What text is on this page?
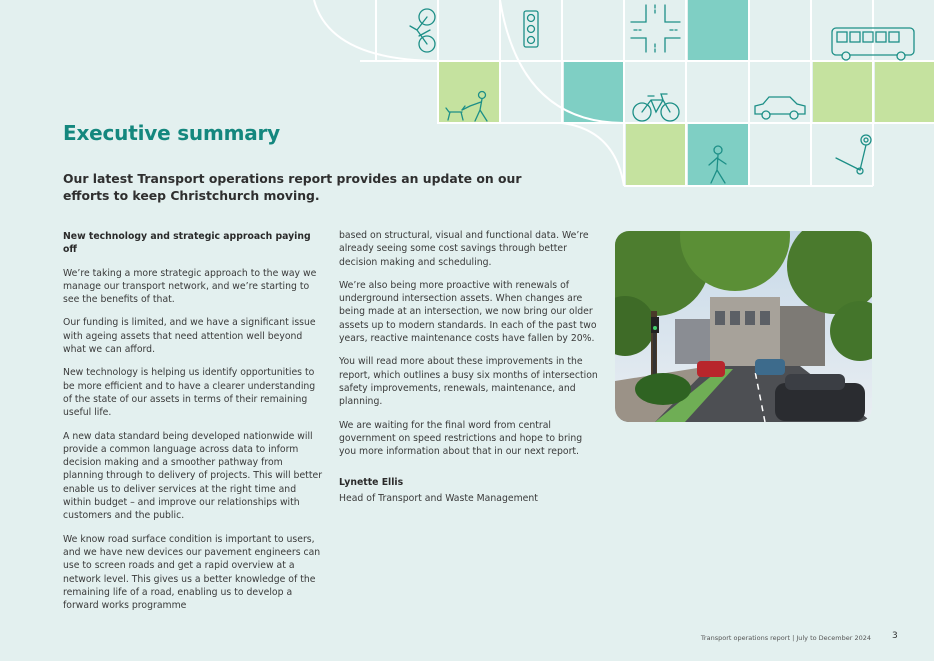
Executive summary

Our latest Transport operations report provides an update on our efforts to keep Christchurch moving.

New technology and strategic approach paying off

We’re taking a more strategic approach to the way we manage our transport network, and we’re starting to see the benefits of that.

Our funding is limited, and we have a significant issue with ageing assets that need attention well beyond what we can afford.

New technology is helping us identify opportunities to be more efficient and to have a clearer understanding of the state of our assets in terms of their remaining useful life.

A new data standard being developed nationwide will provide a common language across data to inform decision making and a smoother pathway from planning through to delivery of projects. This will better enable us to deliver services at the right time and within budget – and improve our relationships with customers and the public.

We know road surface condition is important to users, and we have new devices our pavement engineers can use to screen roads and get a rapid overview at a network level. This gives us a better knowledge of the remaining life of a road, enabling us to develop a forward works programme

based on structural, visual and functional data. We’re already seeing some cost savings through better decision making and scheduling.

We’re also being more proactive with renewals of underground intersection assets. When changes are being made at an intersection, we now bring our older assets up to modern standards. In each of the past two years, reactive maintenance costs have fallen by 20%.

You will read more about these improvements in the report, which outlines a busy six months of intersection safety improvements, renewals, maintenance, and planning.

We are waiting for the final word from central government on speed restrictions and hope to bring you more information about that in our next report.

Lynette Ellis

Head of Transport and Waste Management

Transport operations report | July to December 2024 3
